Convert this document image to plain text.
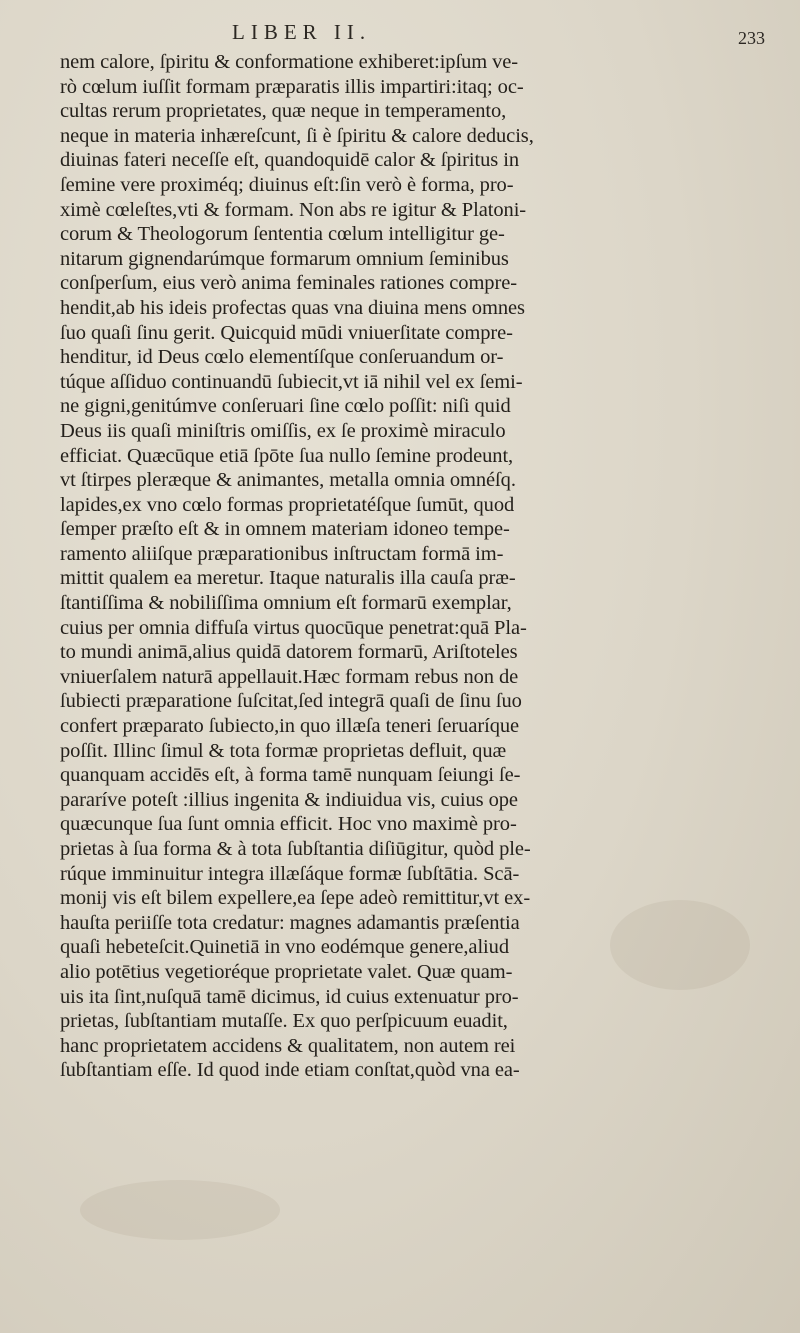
LIBER II.	233
nem calore, ſpiritu & conformatione exhiberet:ipſum ve-
rò cœlum iuſſit formam præparatis illis impartiri:itaq; oc-
cultas rerum proprietates, quæ neque in temperamento,
neque in materia inhæreſcunt, ſi è ſpiritu & calore deducis,
diuinas fateri neceſſe eſt, quandoquidē calor & ſpiritus in
ſemine vere proximéq; diuinus eſt:ſin verò è forma, pro-
ximè cœleſtes,vti & formam. Non abs re igitur & Platoni-
corum & Theologorum ſententia cœlum intelligitur ge-
nitarum gignendarúmque formarum omnium ſeminibus
conſperſum, eius verò anima feminales rationes compre-
hendit,ab his ideis profectas quas vna diuina mens omnes
ſuo quaſi ſinu gerit. Quicquid mūdi vniuerſitate compre-
henditur, id Deus cœlo elementíſque conſeruandum or-
túque aſſiduo continuandū ſubiecit,vt iā nihil vel ex ſemi-
ne gigni,genitúmve conſeruari ſine cœlo poſſit: niſi quid
Deus iis quaſi miniſtris omiſſis, ex ſe proximè miraculo
efficiat. Quæcūque etiā ſpōte ſua nullo ſemine prodeunt,
vt ſtirpes pleræque & animantes, metalla omnia omnéſq.
lapides,ex vno cœlo formas proprietatéſque ſumūt, quod
ſemper præſto eſt & in omnem materiam idoneo tempe-
ramento aliiſque præparationibus inſtructam formā im-
mittit qualem ea meretur. Itaque naturalis illa cauſa præ-
ſtantiſſima & nobiliſſima omnium eſt formarū exemplar,
cuius per omnia diffuſa virtus quocūque penetrat:quā Pla-
to mundi animā,alius quidā datorem formarū, Ariſtoteles
vniuerſalem naturā appellauit.Hæc formam rebus non de
ſubiecti præparatione ſuſcitat,ſed integrā quaſi de ſinu ſuo
confert præparato ſubiecto,in quo illæſa teneri ſeruaríque
poſſit. Illinc ſimul & tota formæ proprietas defluit, quæ
quanquam accidēs eſt, à forma tamē nunquam ſeiungi ſe-
pararíve poteſt :illius ingenita & indiuidua vis, cuius ope
quæcunque ſua ſunt omnia efficit. Hoc vno maximè pro-
prietas à ſua forma & à tota ſubſtantia diſiūgitur, quòd ple-
rúque imminuitur integra illæſáque formæ ſubſtātia. Scā-
monij vis eſt bilem expellere,ea ſepe adeò remittitur,vt ex-
hauſta periiſſe tota credatur: magnes adamantis præſentia
quaſi hebeteſcit.Quinetiā in vno eodémque genere,aliud
alio potētius vegetioréque proprietate valet. Quæ quam-
uis ita ſint,nuſquā tamē dicimus, id cuius extenuatur pro-
prietas, ſubſtantiam mutaſſe. Ex quo perſpicuum euadit,
hanc proprietatem accidens & qualitatem, non autem rei
ſubſtantiam eſſe. Id quod inde etiam conſtat,quòd vna ea-
